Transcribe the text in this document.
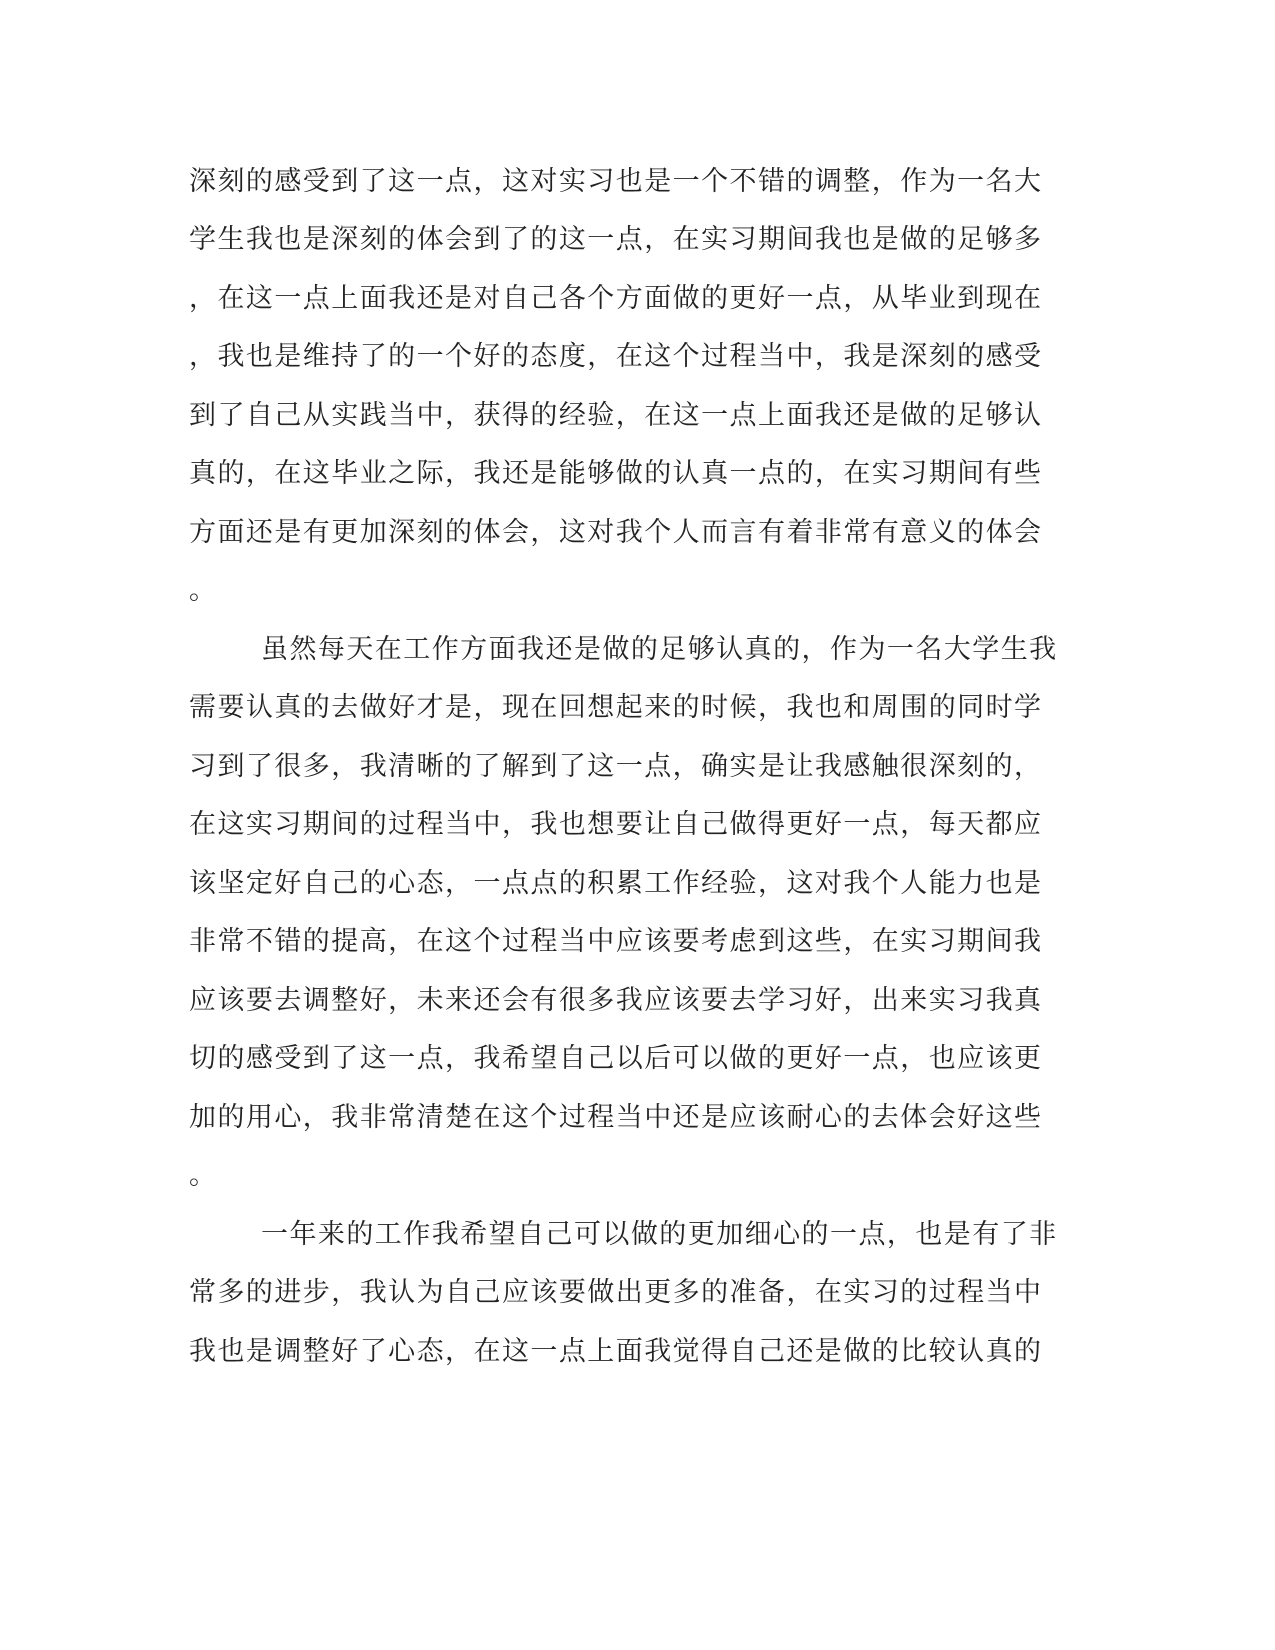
深刻的感受到了这一点，这对实习也是一个不错的调整，作为一名大
学生我也是深刻的体会到了的这一点，在实习期间我也是做的足够多
，在这一点上面我还是对自己各个方面做的更好一点，从毕业到现在
，我也是维持了的一个好的态度，在这个过程当中，我是深刻的感受
到了自己从实践当中，获得的经验，在这一点上面我还是做的足够认
真的，在这毕业之际，我还是能够做的认真一点的，在实习期间有些
方面还是有更加深刻的体会，这对我个人而言有着非常有意义的体会
。
虽然每天在工作方面我还是做的足够认真的，作为一名大学生我
需要认真的去做好才是，现在回想起来的时候，我也和周围的同时学
习到了很多，我清晰的了解到了这一点，确实是让我感触很深刻的，
在这实习期间的过程当中，我也想要让自己做得更好一点，每天都应
该坚定好自己的心态，一点点的积累工作经验，这对我个人能力也是
非常不错的提高，在这个过程当中应该要考虑到这些，在实习期间我
应该要去调整好，未来还会有很多我应该要去学习好，出来实习我真
切的感受到了这一点，我希望自己以后可以做的更好一点，也应该更
加的用心，我非常清楚在这个过程当中还是应该耐心的去体会好这些
。
一年来的工作我希望自己可以做的更加细心的一点，也是有了非
常多的进步，我认为自己应该要做出更多的准备，在实习的过程当中
我也是调整好了心态，在这一点上面我觉得自己还是做的比较认真的
